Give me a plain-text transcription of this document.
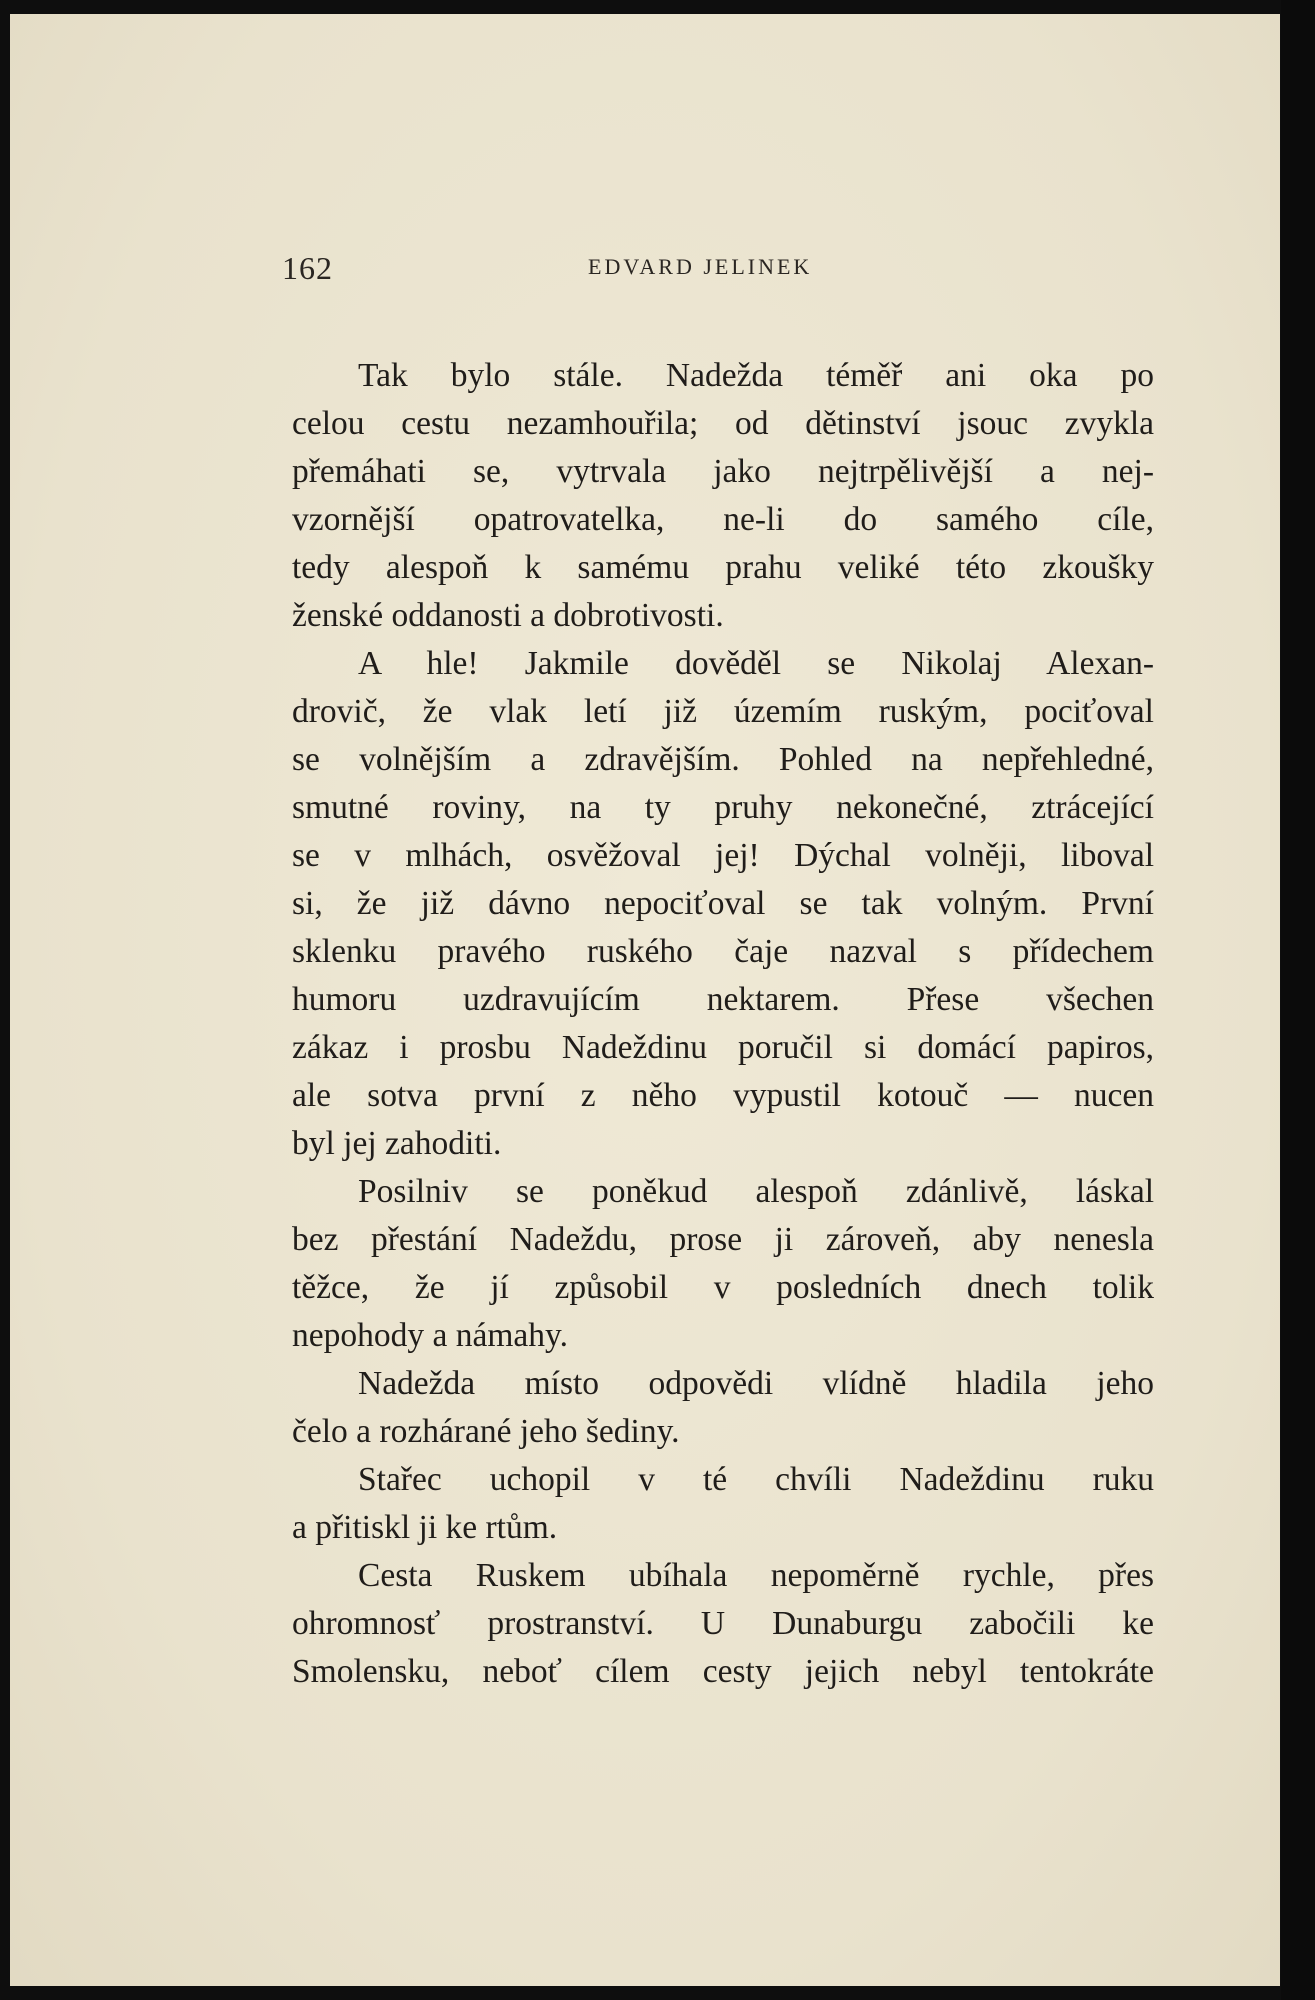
162	EDVARD JELINEK
Tak bylo stále. Nadežda téměř ani oka po
celou cestu nezamhouřila; od dětinství jsouc zvykla
přemáhati se, vytrvala jako nejtrpělivější a nej-
vzornější opatrovatelka, ne-li do samého cíle,
tedy alespoň k samému prahu veliké této zkoušky
ženské oddanosti a dobrotivosti.
A hle! Jakmile dověděl se Nikolaj Alexan-
drovič, že vlak letí již územím ruským, pociťoval
se volnějším a zdravějším. Pohled na nepřehledné,
smutné roviny, na ty pruhy nekonečné, ztrácející
se v mlhách, osvěžoval jej! Dýchal volněji, liboval
si, že již dávno nepociťoval se tak volným. První
sklenku pravého ruského čaje nazval s přídechem
humoru uzdravujícím nektarem. Přese všechen
zákaz i prosbu Nadeždinu poručil si domácí papiros,
ale sotva první z něho vypustil kotouč — nucen
byl jej zahoditi.
Posilniv se poněkud alespoň zdánlivě, láskal
bez přestání Nadeždu, prose ji zároveň, aby nenesla
těžce, že jí způsobil v posledních dnech tolik
nepohody a námahy.
Nadežda místo odpovědi vlídně hladila jeho
čelo a rozhárané jeho šediny.
Stařec uchopil v té chvíli Nadeždinu ruku
a přitiskl ji ke rtům.
Cesta Ruskem ubíhala nepoměrně rychle, přes
ohromnosť prostranství. U Dunaburgu zabočili ke
Smolensku, neboť cílem cesty jejich nebyl tentokráte
